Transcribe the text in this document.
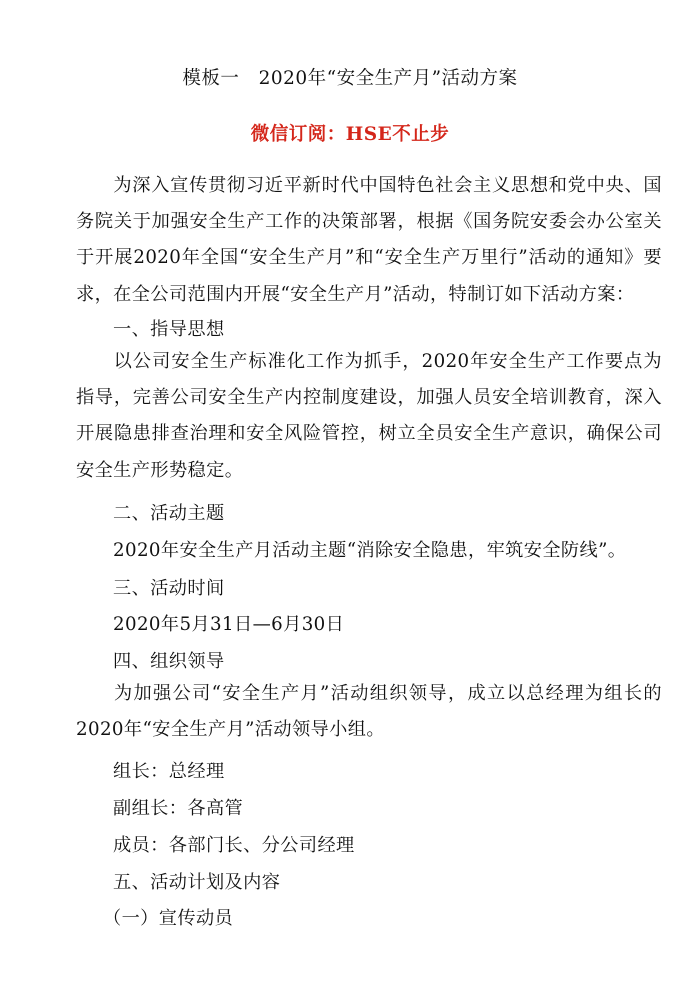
模板一   2020年“安全生产月”活动方案
微信订阅：HSE不止步
为深入宣传贯彻习近平新时代中国特色社会主义思想和党中央、国务院关于加强安全生产工作的决策部署，根据《国务院安委会办公室关于开展2020年全国“安全生产月”和“安全生产万里行”活动的通知》要求，在全公司范围内开展“安全生产月”活动，特制订如下活动方案：
一、指导思想
以公司安全生产标准化工作为抓手，2020年安全生产工作要点为指导，完善公司安全生产内控制度建设，加强人员安全培训教育，深入开展隐患排查治理和安全风险管控，树立全员安全生产意识，确保公司安全生产形势稳定。
二、活动主题
2020年安全生产月活动主题“消除安全隐患，牢筑安全防线”。
三、活动时间
2020年5月31日—6月30日
四、组织领导
为加强公司“安全生产月”活动组织领导，成立以总经理为组长的2020年“安全生产月”活动领导小组。
组长：总经理
副组长：各高管
成员：各部门长、分公司经理
五、活动计划及内容
（一）宣传动员
